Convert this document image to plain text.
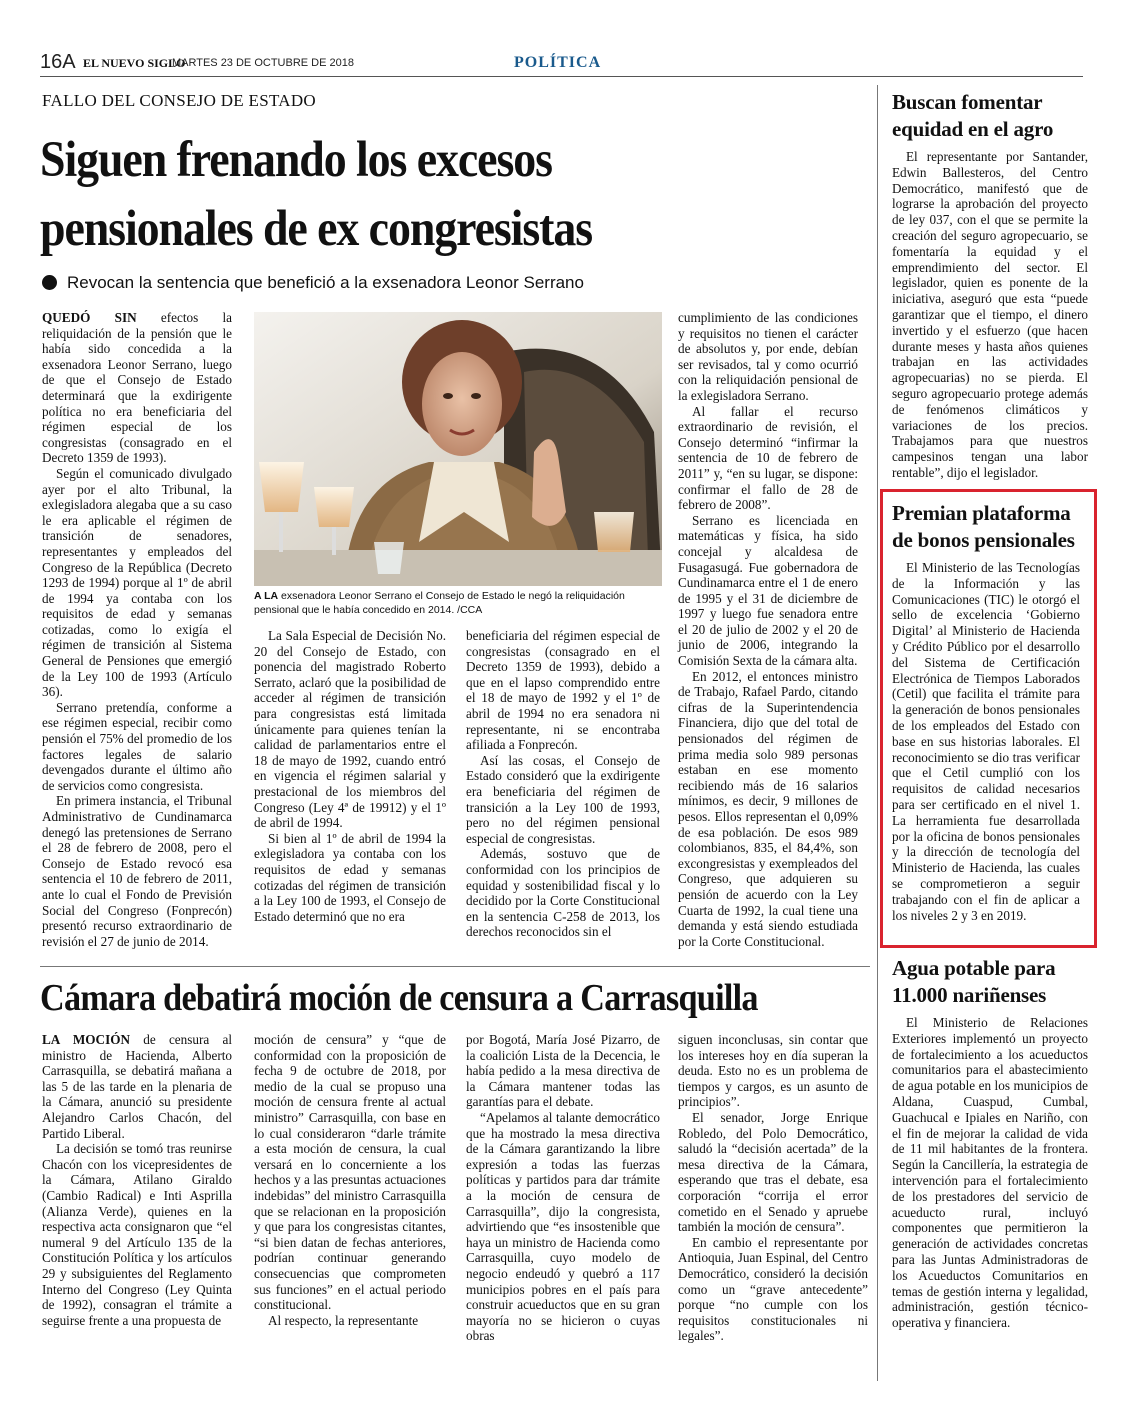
16A EL NUEVO SIGLO
MARTES 23 DE OCTUBRE DE 2018	POLÍTICA
FALLO DEL CONSEJO DE ESTADO
Siguen frenando los excesos
pensionales de ex congresistas
Revocan la sentencia que benefició a la exsenadora Leonor Serrano

QUEDÓ SIN efectos la reliquidación de la pensión que le había sido concedida a la exsenadora Leonor Serrano, luego de que el Consejo de Estado determinará que la exdirigente política no era beneficiaria del régimen especial de los congresistas (consagrado en el Decreto 1359 de 1993).

Según el comunicado divulgado ayer por el alto Tribunal, la exlegisladora alegaba que a su caso le era aplicable el régimen de transición de senadores, representantes y empleados del Congreso de la República (Decreto 1293 de 1994) porque al 1º de abril de 1994 ya contaba con los requisitos de edad y semanas cotizadas, como lo exigía el régimen de transición al Sistema General de Pensiones que emergió de la Ley 100 de 1993 (Artículo 36).

Serrano pretendía, conforme a ese régimen especial, recibir como pensión el 75% del promedio de los factores legales de salario devengados durante el último año de servicios como congresista.

En primera instancia, el Tribunal Administrativo de Cundinamarca denegó las pretensiones de Serrano el 28 de febrero de 2008, pero el Consejo de Estado revocó esa sentencia el 10 de febrero de 2011, ante lo cual el Fondo de Previsión Social del Congreso (Fonprecón) presentó recurso extraordinario de revisión el 27 de junio de 2014.

A LA exsenadora Leonor Serrano el Consejo de Estado le negó la reliquidación pensional que le había concedido en 2014. /CCA

La Sala Especial de Decisión No. 20 del Consejo de Estado, con ponencia del magistrado Roberto Serrato, aclaró que la posibilidad de acceder al régimen de transición para congresistas está limitada únicamente para quienes tenían la calidad de parlamentarios entre el 18 de mayo de 1992, cuando entró en vigencia el régimen salarial y prestacional de los miembros del Congreso (Ley 4ª de 19912) y el 1º de abril de 1994.

Si bien al 1º de abril de 1994 la exlegisladora ya contaba con los requisitos de edad y semanas cotizadas del régimen de transición a la Ley 100 de 1993, el Consejo de Estado determinó que no era

beneficiaria del régimen especial de congresistas (consagrado en el Decreto 1359 de 1993), debido a que en el lapso comprendido entre el 18 de mayo de 1992 y el 1º de abril de 1994 no era senadora ni representante, ni se encontraba afiliada a Fonprecón.

Así las cosas, el Consejo de Estado consideró que la exdirigente era beneficiaria del régimen de transición a la Ley 100 de 1993, pero no del régimen pensional especial de congresistas.

Además, sostuvo que de conformidad con los principios de equidad y sostenibilidad fiscal y lo decidido por la Corte Constitucional en la sentencia C-258 de 2013, los derechos reconocidos sin el

cumplimiento de las condiciones y requisitos no tienen el carácter de absolutos y, por ende, debían ser revisados, tal y como ocurrió con la reliquidación pensional de la exlegisladora Serrano.

Al fallar el recurso extraordinario de revisión, el Consejo determinó “infirmar la sentencia de 10 de febrero de 2011” y, “en su lugar, se dispone: confirmar el fallo de 28 de febrero de 2008”.

Serrano es licenciada en matemáticas y física, ha sido concejal y alcaldesa de Fusagasugá. Fue gobernadora de Cundinamarca entre el 1 de enero de 1995 y el 31 de diciembre de 1997 y luego fue senadora entre el 20 de julio de 2002 y el 20 de junio de 2006, integrando la Comisión Sexta de la cámara alta.

En 2012, el entonces ministro de Trabajo, Rafael Pardo, citando cifras de la Superintendencia Financiera, dijo que del total de pensionados del régimen de prima media solo 989 personas estaban en ese momento recibiendo más de 16 salarios mínimos, es decir, 9 millones de pesos. Ellos representan el 0,09% de esa población. De esos 989 colombianos, 835, el 84,4%, son excongresistas y exempleados del Congreso, que adquieren su pensión de acuerdo con la Ley Cuarta de 1992, la cual tiene una demanda y está siendo estudiada por la Corte Constitucional.

Cámara debatirá moción de censura a Carrasquilla

LA MOCIÓN de censura al ministro de Hacienda, Alberto Carrasquilla, se debatirá mañana a las 5 de las tarde en la plenaria de la Cámara, anunció su presidente Alejandro Carlos Chacón, del Partido Liberal.

La decisión se tomó tras reunirse Chacón con los vicepresidentes de la Cámara, Atilano Giraldo (Cambio Radical) e Inti Asprilla (Alianza Verde), quienes en la respectiva acta consignaron que “el numeral 9 del Artículo 135 de la Constitución Política y los artículos 29 y subsiguientes del Reglamento Interno del Congreso (Ley Quinta de 1992), consagran el trámite a seguirse frente a una propuesta de

moción de censura” y “que de conformidad con la proposición de fecha 9 de octubre de 2018, por medio de la cual se propuso una moción de censura frente al actual ministro” Carrasquilla, con base en lo cual consideraron “darle trámite a esta moción de censura, la cual versará en lo concerniente a los hechos y a las presuntas actuaciones indebidas” del ministro Carrasquilla que se relacionan en la proposición y que para los congresistas citantes, “si bien datan de fechas anteriores, podrían continuar generando consecuencias que comprometen sus funciones” en el actual periodo constitucional.

Al respecto, la representante

por Bogotá, María José Pizarro, de la coalición Lista de la Decencia, le había pedido a la mesa directiva de la Cámara mantener todas las garantías para el debate.

“Apelamos al talante democrático que ha mostrado la mesa directiva de la Cámara garantizando la libre expresión a todas las fuerzas políticas y partidos para dar trámite a la moción de censura de Carrasquilla”, dijo la congresista, advirtiendo que “es insostenible que haya un ministro de Hacienda como Carrasquilla, cuyo modelo de negocio endeudó y quebró a 117 municipios pobres en el país para construir acueductos que en su gran mayoría no se hicieron o cuyas obras

siguen inconclusas, sin contar que los intereses hoy en día superan la deuda. Esto no es un problema de tiempos y cargos, es un asunto de principios”.

El senador, Jorge Enrique Robledo, del Polo Democrático, saludó la “decisión acertada” de la mesa directiva de la Cámara, esperando que tras el debate, esa corporación “corrija el error cometido en el Senado y apruebe también la moción de censura”.

En cambio el representante por Antioquia, Juan Espinal, del Centro Democrático, consideró la decisión como un “grave antecedente” porque “no cumple con los requisitos constitucionales ni legales”.

Buscan fomentar equidad en el agro

El representante por Santander, Edwin Ballesteros, del Centro Democrático, manifestó que de lograrse la aprobación del proyecto de ley 037, con el que se permite la creación del seguro agropecuario, se fomentaría la equidad y el emprendimiento del sector. El legislador, quien es ponente de la iniciativa, aseguró que esta “puede garantizar que el tiempo, el dinero invertido y el esfuerzo (que hacen durante meses y hasta años quienes trabajan en las actividades agropecuarias) no se pierda. El seguro agropecuario protege además de fenómenos climáticos y variaciones de los precios. Trabajamos para que nuestros campesinos tengan una labor rentable”, dijo el legislador.

Premian plataforma de bonos pensionales

El Ministerio de las Tecnologías de la Información y las Comunicaciones (TIC) le otorgó el sello de excelencia ‘Gobierno Digital’ al Ministerio de Hacienda y Crédito Público por el desarrollo del Sistema de Certificación Electrónica de Tiempos Laborados (Cetil) que facilita el trámite para la generación de bonos pensionales de los empleados del Estado con base en sus historias laborales. El reconocimiento se dio tras verificar que el Cetil cumplió con los requisitos de calidad necesarios para ser certificado en el nivel 1. La herramienta fue desarrollada por la oficina de bonos pensionales y la dirección de tecnología del Ministerio de Hacienda, las cuales se comprometieron a seguir trabajando con el fin de aplicar a los niveles 2 y 3 en 2019.

Agua potable para 11.000 nariñenses

El Ministerio de Relaciones Exteriores implementó un proyecto de fortalecimiento a los acueductos comunitarios para el abastecimiento de agua potable en los municipios de Aldana, Cuaspud, Cumbal, Guachucal e Ipiales en Nariño, con el fin de mejorar la calidad de vida de 11 mil habitantes de la frontera. Según la Cancillería, la estrategia de intervención para el fortalecimiento de los prestadores del servicio de acueducto rural, incluyó componentes que permitieron la generación de actividades concretas para las Juntas Administradoras de los Acueductos Comunitarios en temas de gestión interna y legalidad, administración, gestión técnico-operativa y financiera.
